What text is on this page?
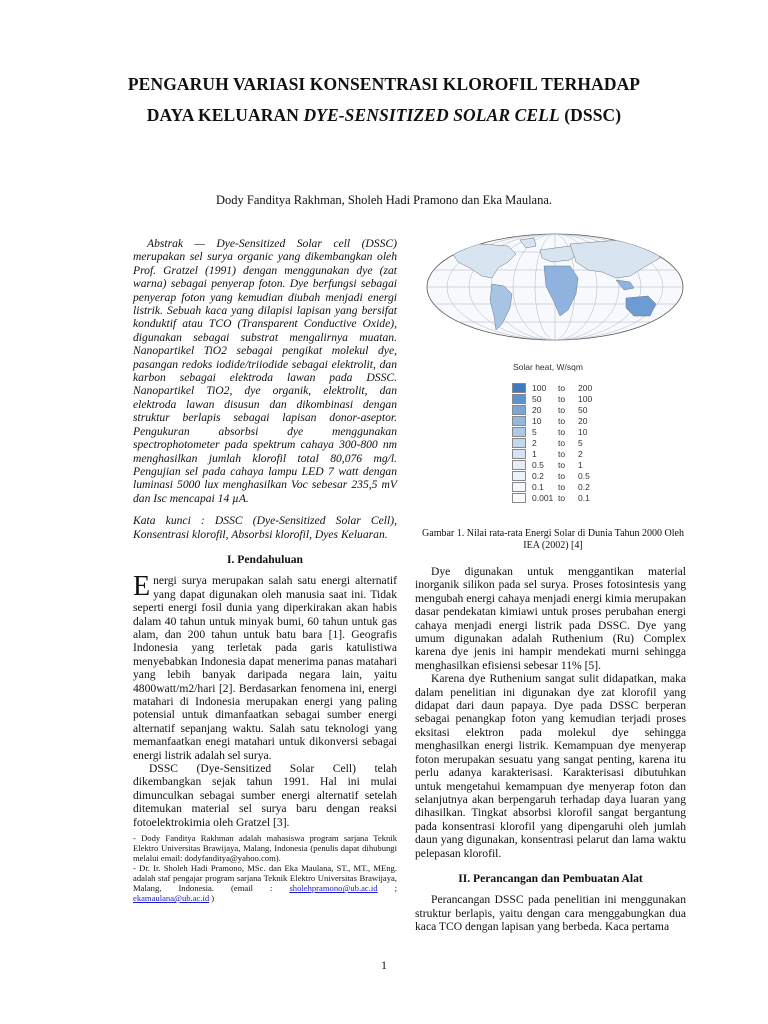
PENGARUH VARIASI KONSENTRASI KLOROFIL TERHADAP
DAYA KELUARAN DYE-SENSITIZED SOLAR CELL (DSSC)
Dody Fanditya Rakhman, Sholeh Hadi Pramono dan Eka Maulana.
Abstrak — Dye-Sensitized Solar cell (DSSC) merupakan sel surya organic yang dikembangkan oleh Prof. Gratzel (1991) dengan menggunakan dye (zat warna) sebagai penyerap foton. Dye berfungsi sebagai penyerap foton yang kemudian diubah menjadi energi listrik. Sebuah kaca yang dilapisi lapisan yang bersifat konduktif atau TCO (Transparent Conductive Oxide), digunakan sebagai substrat mengalirnya muatan. Nanopartikel TiO2 sebagai pengikat molekul dye, pasangan redoks iodide/triiodide sebagai elektrolit, dan karbon sebagai elektroda lawan pada DSSC. Nanopartikel TiO2, dye organik, elektrolit, dan elektroda lawan disusun dan dikombinasi dengan struktur berlapis sebagai lapisan donor-aseptor. Pengukuran absorbsi dye menggunakan spectrophotometer pada spektrum cahaya 300-800 nm menghasilkan jumlah klorofil total 80,076 mg/l. Pengujian sel pada cahaya lampu LED 7 watt dengan luminasi 5000 lux menghasilkan Voc sebesar 235,5 mV dan Isc mencapai 14 µA.
Kata kunci : DSSC (Dye-Sensitized Solar Cell), Konsentrasi klorofil, Absorbsi klorofil, Dyes Keluaran.
I. Pendahuluan

Energi surya merupakan salah satu energi alternatif yang dapat digunakan oleh manusia saat ini. Tidak seperti energi fosil dunia yang diperkirakan akan habis dalam 40 tahun untuk minyak bumi, 60 tahun untuk gas alam, dan 200 tahun untuk batu bara [1]. Geografis Indonesia yang terletak pada garis katulistiwa menyebabkan Indonesia dapat menerima panas matahari yang lebih banyak daripada negara lain, yaitu 4800watt/m2/hari [2]. Berdasarkan fenomena ini, energi matahari di Indonesia merupakan energi yang paling potensial untuk dimanfaatkan sebagai sumber energi alternatif sepanjang waktu. Salah satu teknologi yang memanfaatkan enegi matahari untuk dikonversi sebagai energi listrik adalah sel surya.

DSSC (Dye-Sensitized Solar Cell) telah dikembangkan sejak tahun 1991. Hal ini mulai dimunculkan sebagai sumber energi alternatif setelah ditemukan material sel surya baru dengan reaksi fotoelektrokimia oleh Gratzel [3].

- Dody Fanditya Rakhman adalah mahasiswa program sarjana Teknik Elektro Universitas Brawijaya, Malang, Indonesia (penulis dapat dihubungi melalui email: dodyfanditya@yahoo.com).
- Dr. Ir. Sholeh Hadi Pramono, MSc. dan Eka Maulana, ST., MT., MEng. adalah staf pengajar program sarjana Teknik Elektro Universitas Brawijaya, Malang, Indonesia. (email : sholehpramono@ub.ac.id ; ekamaulana@ub.ac.id )
Solar heat, W/sqm
100	to	200
50	to	100
20	to	50
10	to	20
5	to	10
2	to	5
1	to	2
0.5	to	1
0.2	to	0.5
0.1	to	0.2
0.001 to	0.1
Gambar 1. Nilai rata-rata Energi Solar di Dunia Tahun 2000 Oleh IEA (2002) [4]

Dye digunakan untuk menggantikan material inorganik silikon pada sel surya. Proses fotosintesis yang mengubah energi cahaya menjadi energi kimia merupakan dasar pendekatan kimiawi untuk proses perubahan energi cahaya menjadi energi listrik pada DSSC. Dye yang umum digunakan adalah Ruthenium (Ru) Complex karena dye jenis ini hampir mendekati murni sehingga menghasilkan efisiensi sebesar 11% [5].

Karena dye Ruthenium sangat sulit didapatkan, maka dalam penelitian ini digunakan dye zat klorofil yang didapat dari daun papaya. Dye pada DSSC berperan sebagai penangkap foton yang kemudian terjadi proses eksitasi elektron pada molekul dye sehingga menghasilkan energi listrik. Kemampuan dye menyerap foton merupakan sesuatu yang sangat penting, karena itu perlu adanya karakterisasi. Karakterisasi dibutuhkan untuk mengetahui kemampuan dye menyerap foton dan selanjutnya akan berpengaruh terhadap daya luaran yang dihasilkan. Tingkat absorbsi klorofil sangat bergantung pada konsentrasi klorofil yang dipengaruhi oleh jumlah daun yang digunakan, konsentrasi pelarut dan lama waktu pelepasan klorofil.

II. Perancangan dan Pembuatan Alat

Perancangan DSSC pada penelitian ini menggunakan struktur berlapis, yaitu dengan cara menggabungkan dua kaca TCO dengan lapisan yang berbeda. Kaca pertama

1
